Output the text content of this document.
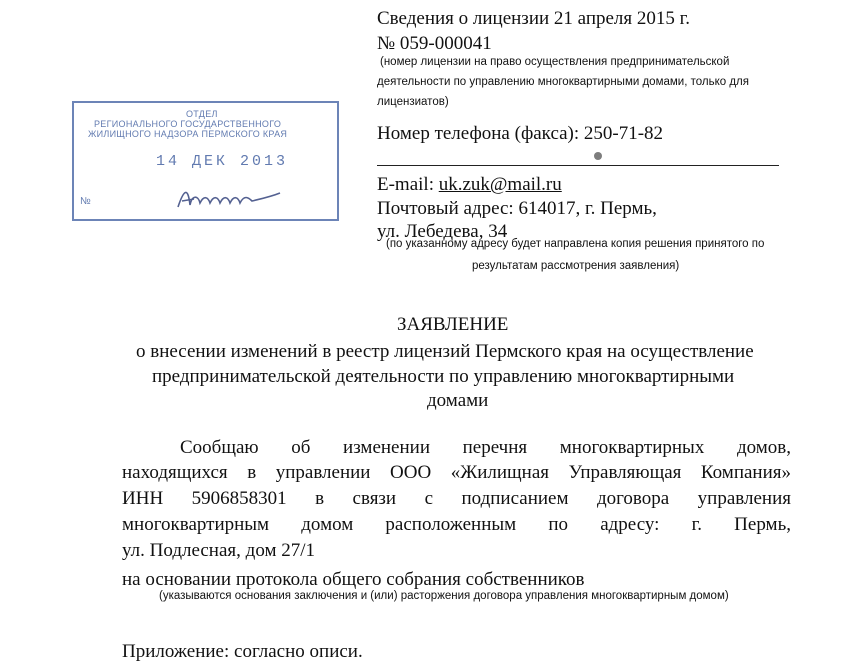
Сведения о лицензии 21 апреля 2015 г.
№ 059-000041
(номер лицензии на право осуществления предпринимательской
деятельности по управлению многоквартирными домами, только для
лицензиатов)
Номер телефона (факса): 250-71-82
E-mail: uk.zuk@mail.ru
Почтовый адрес: 614017, г. Пермь,
ул. Лебедева, 34
(по указанному адресу будет направлена копия решения принятого по
результатам рассмотрения заявления)
ОТДЕЛ
РЕГИОНАЛЬНОГО ГОСУДАРСТВЕННОГО
ЖИЛИЩНОГО НАДЗОРА ПЕРМСКОГО КРАЯ
14 ДЕК 2013
№
ЗАЯВЛЕНИЕ
о внесении изменений в реестр лицензий Пермского края на осуществление
предпринимательской деятельности по управлению многоквартирными
домами
Сообщаю об изменении перечня многоквартирных домов,
находящихся в управлении ООО «Жилищная Управляющая Компания»
ИНН 5906858301 в связи с подписанием договора управления
многоквартирным домом расположенным по адресу: г. Пермь,
ул. Подлесная, дом 27/1
на основании протокола общего собрания собственников
(указываются основания заключения и (или) расторжения договора управления многоквартирным домом)
Приложение: согласно описи.
